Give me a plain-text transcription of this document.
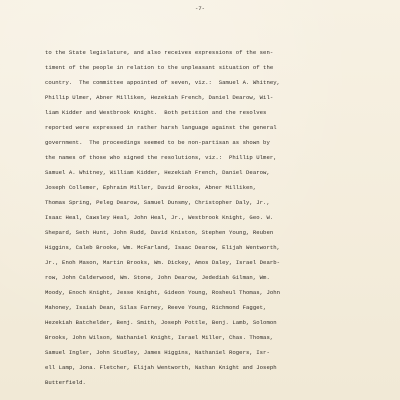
-7-

to the State legislature, and also receives expressions of the sen-
timent of the people in relation to the unpleasant situation of the
country.  The committee appointed of seven, viz.:  Samuel A. Whitney,
Phillip Ulmer, Abner Milliken, Hezekiah French, Daniel Dearow, Wil-
liam Kidder and Westbrook Knight.  Both petition and the resolves
reported were expressed in rather harsh language against the general
government.  The proceedings seemed to be non-partisan as shown by
the names of those who signed the resolutions, viz.:  Phillip Ulmer,
Samuel A. Whitney, William Kidder, Hezekiah French, Daniel Dearow,
Joseph Collemer, Ephraim Miller, David Brooks, Abner Milliken,
Thomas Spring, Peleg Dearow, Samuel Dunsmy, Christopher Daly, Jr.,
Isaac Heal, Cawsley Heal, John Heal, Jr., Westbrook Knight, Geo. W.
Shepard, Seth Hunt, John Rudd, David Kniston, Stephen Young, Reuben
Higgins, Caleb Brooke, Wm. McFarland, Isaac Dearow, Elijah Wentworth,
Jr., Enoh Mason, Martin Brooks, Wm. Dickey, Amos Daley, Israel Dearb-
row, John Calderwood, Wm. Stone, John Dearow, Jedediah Gilman, Wm.
Moody, Enoch Knight, Jesse Knight, Gideon Young, Rosheul Thomas, John
Mahoney, Isaiah Dean, Silas Farney, Reeve Young, Richmond Fagget,
Hezekiah Batchelder, Benj. Smith, Joseph Pottle, Benj. Lamb, Solomon
Brooks, John Wilson, Nathaniel Knight, Israel Miller, Chas. Thomas,
Samuel Ingler, John Studley, James Higgins, Nathaniel Rogers, Isr-
ell Lamp, Jona. Fletcher, Elijah Wentworth, Nathan Knight and Joseph
Butterfield.
